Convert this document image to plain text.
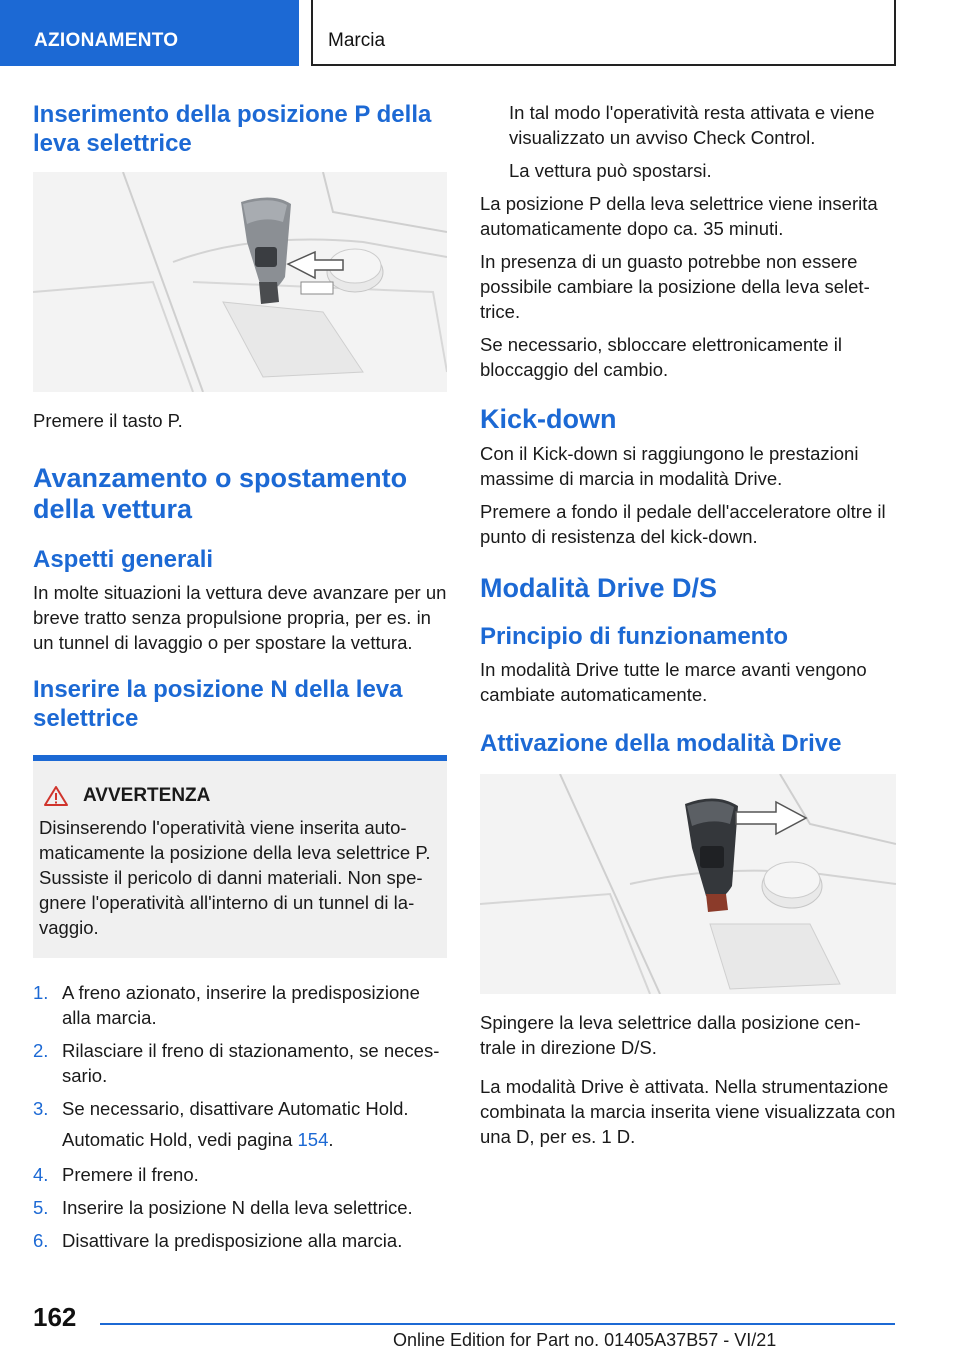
AZIONAMENTO	Marcia
Inserimento della posizione P della leva selettrice

Premere il tasto P.

Avanzamento o spostamento della vettura
Aspetti generali

In molte situazioni la vettura deve avanzare per un breve tratto senza propulsione propria, per es. in un tunnel di lavaggio o per spostare la vettura.

Inserire la posizione N della leva selettrice
AVVERTENZA

Disinserendo l'operatività viene inserita auto-maticamente la posizione della leva selettrice P. Sussiste il pericolo di danni materiali. Non spe-gnere l'operatività all'interno di un tunnel di la-vaggio.

1. A freno azionato, inserire la predisposizione alla marcia.
2. Rilasciare il freno di stazionamento, se neces-sario.
3. Se necessario, disattivare Automatic Hold.
Automatic Hold, vedi pagina 154.
4. Premere il freno.
5. Inserire la posizione N della leva selettrice.
6. Disattivare la predisposizione alla marcia.

In tal modo l'operatività resta attivata e viene visualizzato un avviso Check Control.

La vettura può spostarsi.

La posizione P della leva selettrice viene inserita automaticamente dopo ca. 35 minuti.

In presenza di un guasto potrebbe non essere possibile cambiare la posizione della leva selet-trice.

Se necessario, sbloccare elettronicamente il bloccaggio del cambio.

Kick-down

Con il Kick-down si raggiungono le prestazioni massime di marcia in modalità Drive.

Premere a fondo il pedale dell'acceleratore oltre il punto di resistenza del kick-down.

Modalità Drive D/S
Principio di funzionamento

In modalità Drive tutte le marce avanti vengono cambiate automaticamente.

Attivazione della modalità Drive

Spingere la leva selettrice dalla posizione cen-trale in direzione D/S.

La modalità Drive è attivata. Nella strumentazione combinata la marcia inserita viene visualizzata con una D, per es. 1 D.

162
Online Edition for Part no. 01405A37B57 - VI/21
